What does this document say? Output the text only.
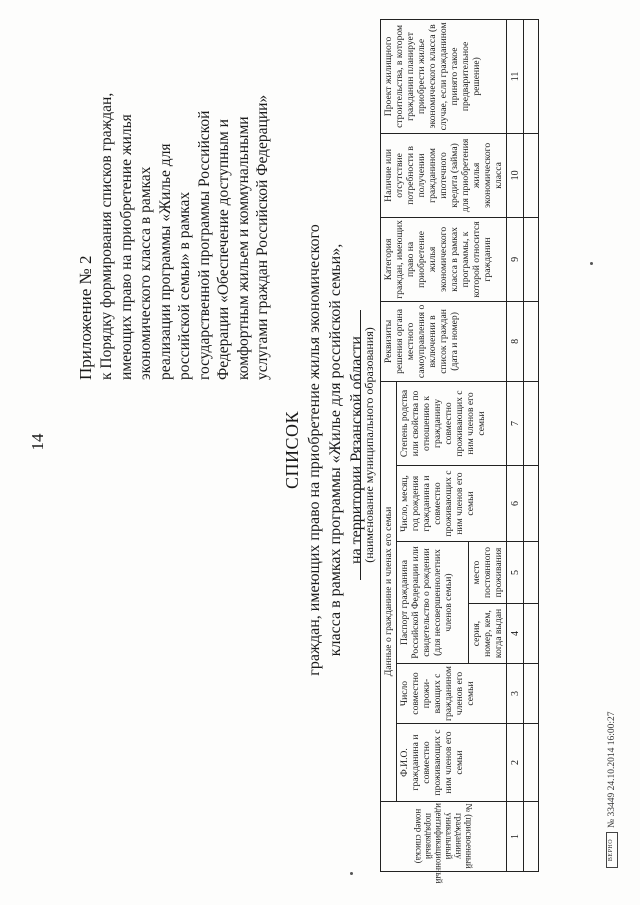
14
Приложение № 2 к Порядку формирования списков граждан, имеющих право на приобретение жилья экономического класса в рамках реализации программы «Жилье для российской семьи» в рамках государственной программы Российской Федерации «Обеспечение доступным и комфортным жильем и коммунальными услугами граждан Российской Федерации»
СПИСОК граждан, имеющих право на приобретение жилья экономического класса в рамках программы «Жилье для российской семьи», на территории Рязанской области
(наименование муниципального образования)
№ (присвоенный гражданину уникальный идентификационный порядковый номер списка)	Данные о гражданине и членах его семьи						Реквизиты решения органа местного самоуправления о включении в список граждан (дата и номер)	Категория граждан, имеющих право на приобретение жилья экономического класса в рамках программы, к которой относится гражданин	Наличие или отсутствие потребности в получении гражданином ипотечного кредита (займа) для приобретения жилья экономического класса	Проект жилищного строительства, в котором гражданин планирует приобрести жилье экономического класса (в случае, если гражданином принято такое предварительное решение)
	Ф.И.О. гражданина и совместно проживающих с ним членов его семьи	Число совместно прожи-вающих с гражданином членов его семьи	Паспорт гражданина Российской Федерации или свидетельство о рождении (для несовершеннолетних членов семьи)		Число, месяц, год рождения гражданина и совместно проживающих с ним членов его семьи	Степень родства или свойства по отношению к гражданину совместно проживающих с ним членов его семьи				
			серия, номер, кем, когда выдан	место постоянного проживания						
1	2	3	4	5	6	7	8	9	10	11

ВЕРНО
№ 33449 24.10.2014 16:00:27
